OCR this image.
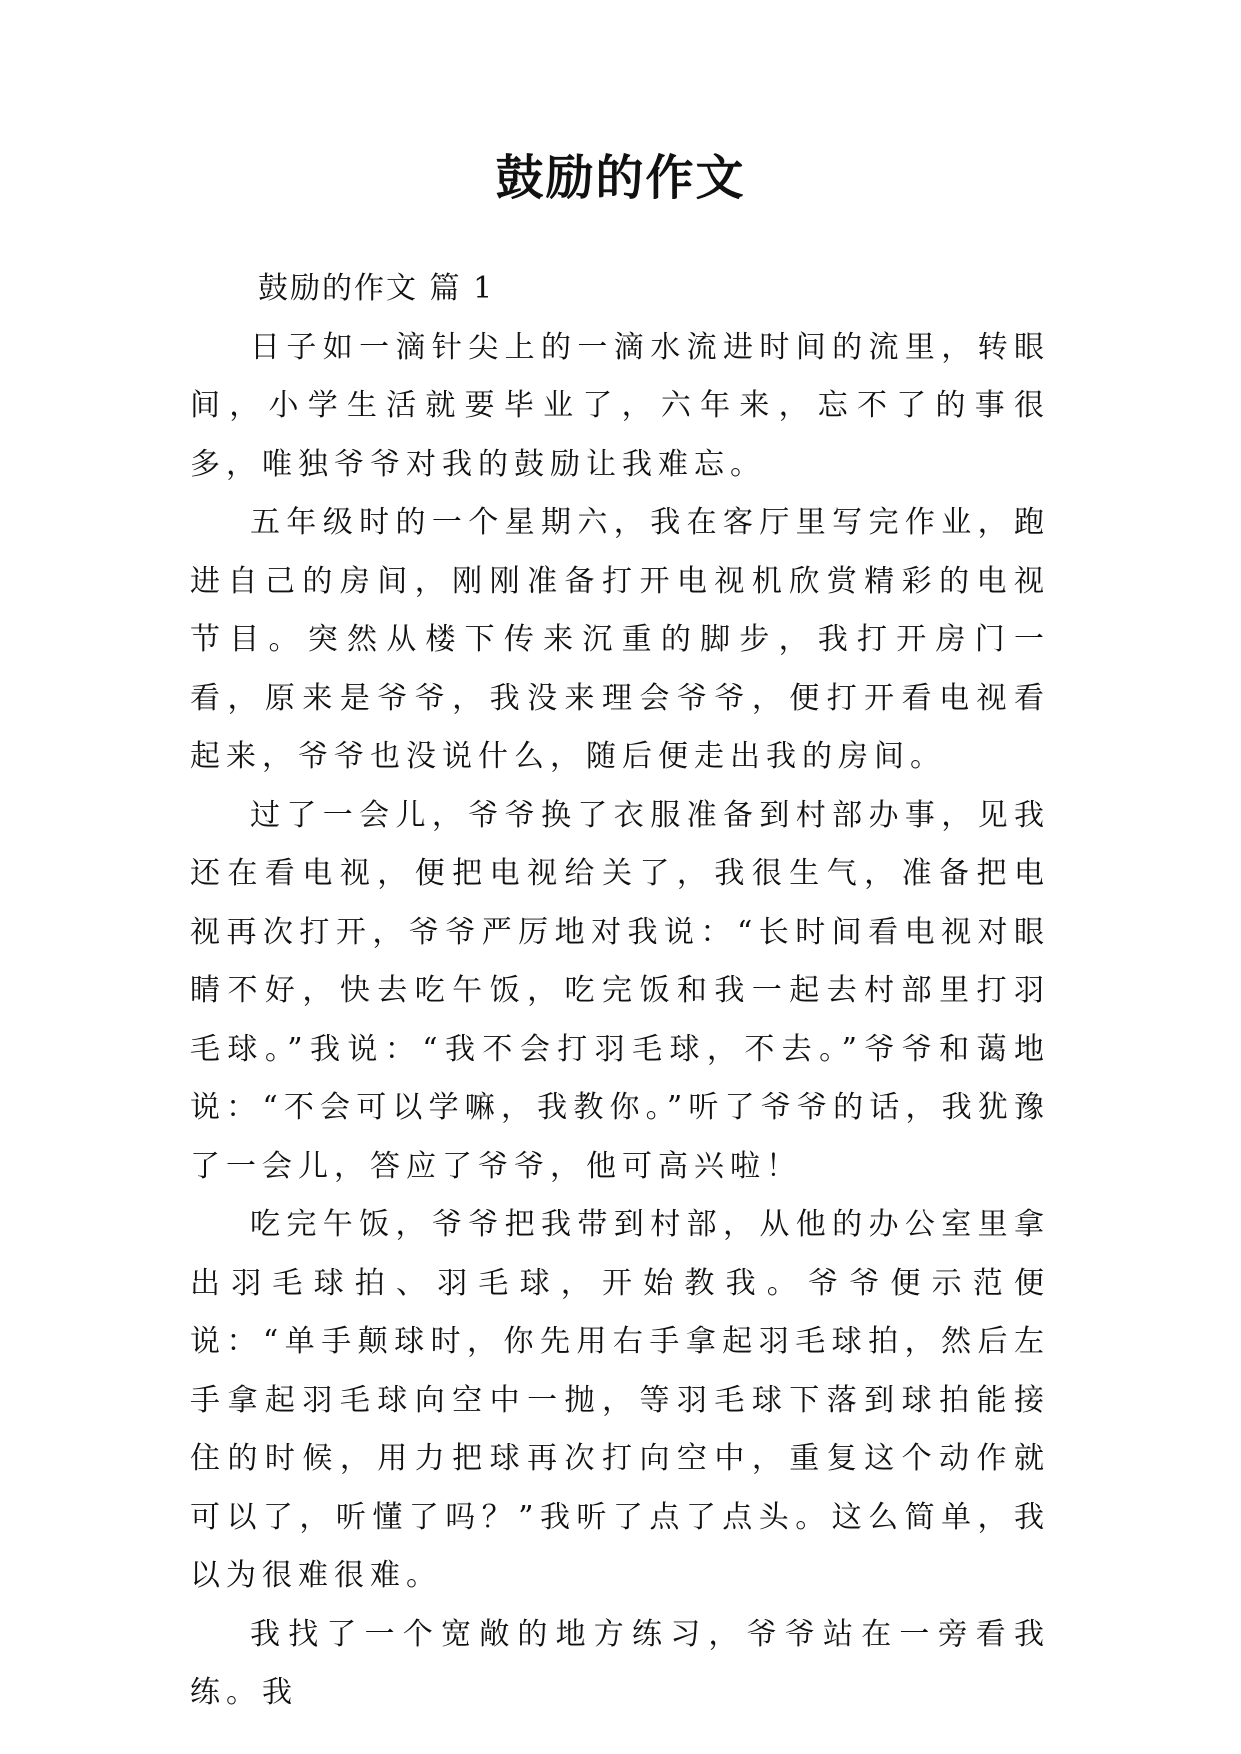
鼓励的作文
鼓励的作文 篇 1

日子如一滴针尖上的一滴水流进时间的流里，转眼间，小学生活就要毕业了，六年来，忘不了的事很多，唯独爷爷对我的鼓励让我难忘。

五年级时的一个星期六，我在客厅里写完作业，跑进自己的房间，刚刚准备打开电视机欣赏精彩的电视节目。突然从楼下传来沉重的脚步，我打开房门一看，原来是爷爷，我没来理会爷爷，便打开看电视看起来，爷爷也没说什么，随后便走出我的房间。

过了一会儿，爷爷换了衣服准备到村部办事，见我还在看电视，便把电视给关了，我很生气，准备把电视再次打开，爷爷严厉地对我说：“长时间看电视对眼睛不好，快去吃午饭，吃完饭和我一起去村部里打羽毛球。”我说：“我不会打羽毛球，不去。”爷爷和蔼地说：“不会可以学嘛，我教你。”听了爷爷的话，我犹豫了一会儿，答应了爷爷，他可高兴啦！

吃完午饭，爷爷把我带到村部，从他的办公室里拿出羽毛球拍、羽毛球，开始教我。爷爷便示范便说：“单手颠球时，你先用右手拿起羽毛球拍，然后左手拿起羽毛球向空中一抛，等羽毛球下落到球拍能接住的时候，用力把球再次打向空中，重复这个动作就可以了，听懂了吗？”我听了点了点头。这么简单，我以为很难很难。

我找了一个宽敞的地方练习，爷爷站在一旁看我练。我
